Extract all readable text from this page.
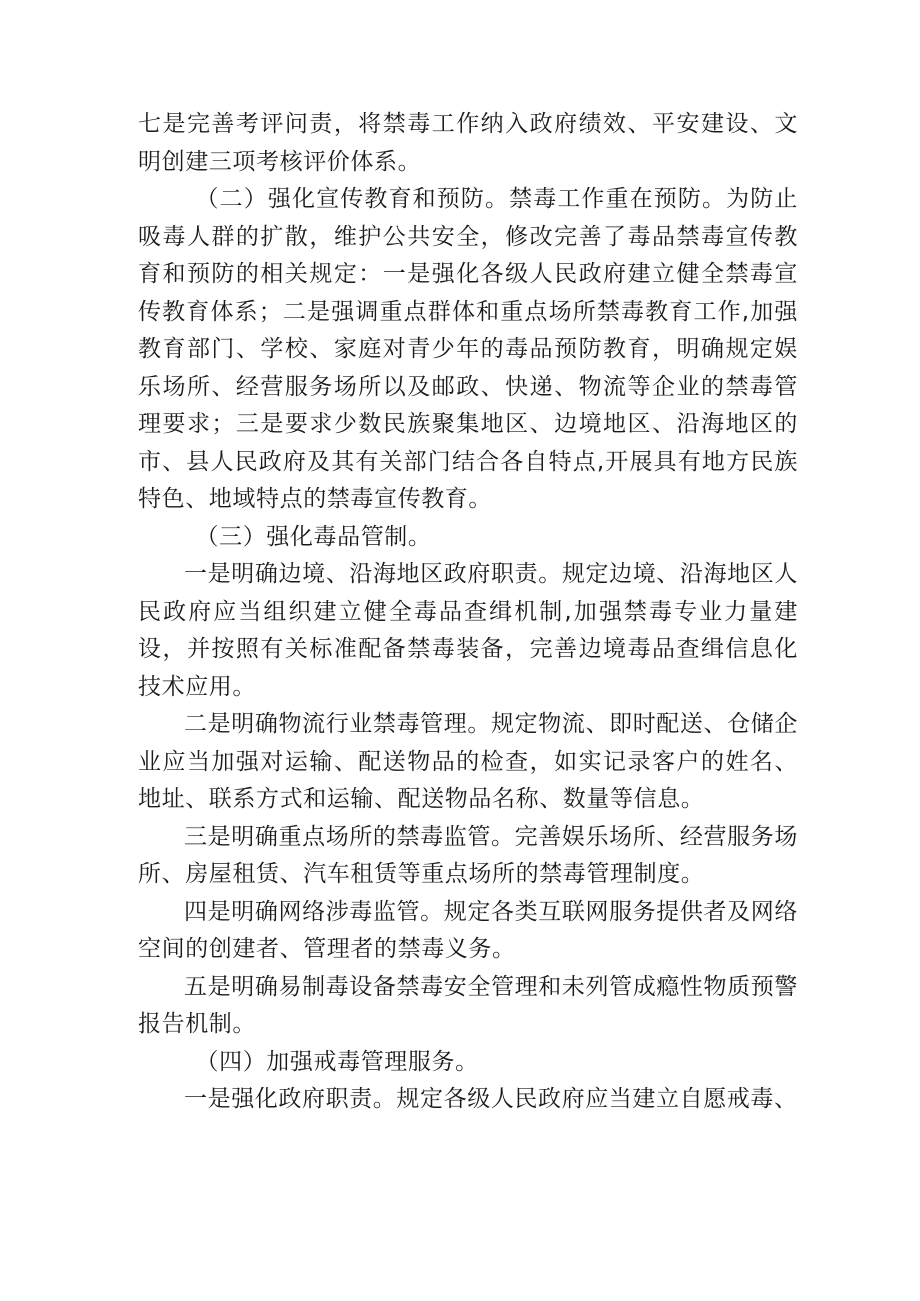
七是完善考评问责，将禁毒工作纳入政府绩效、平安建设、文明创建三项考核评价体系。

（二）强化宣传教育和预防。禁毒工作重在预防。为防止吸毒人群的扩散，维护公共安全，修改完善了毒品禁毒宣传教育和预防的相关规定：一是强化各级人民政府建立健全禁毒宣传教育体系；二是强调重点群体和重点场所禁毒教育工作,加强教育部门、学校、家庭对青少年的毒品预防教育，明确规定娱乐场所、经营服务场所以及邮政、快递、物流等企业的禁毒管理要求；三是要求少数民族聚集地区、边境地区、沿海地区的市、县人民政府及其有关部门结合各自特点,开展具有地方民族特色、地域特点的禁毒宣传教育。

（三）强化毒品管制。

一是明确边境、沿海地区政府职责。规定边境、沿海地区人民政府应当组织建立健全毒品查缉机制,加强禁毒专业力量建设，并按照有关标准配备禁毒装备，完善边境毒品查缉信息化技术应用。

二是明确物流行业禁毒管理。规定物流、即时配送、仓储企业应当加强对运输、配送物品的检查，如实记录客户的姓名、地址、联系方式和运输、配送物品名称、数量等信息。

三是明确重点场所的禁毒监管。完善娱乐场所、经营服务场所、房屋租赁、汽车租赁等重点场所的禁毒管理制度。

四是明确网络涉毒监管。规定各类互联网服务提供者及网络空间的创建者、管理者的禁毒义务。

五是明确易制毒设备禁毒安全管理和未列管成瘾性物质预警报告机制。

（四）加强戒毒管理服务。

一是强化政府职责。规定各级人民政府应当建立自愿戒毒、
